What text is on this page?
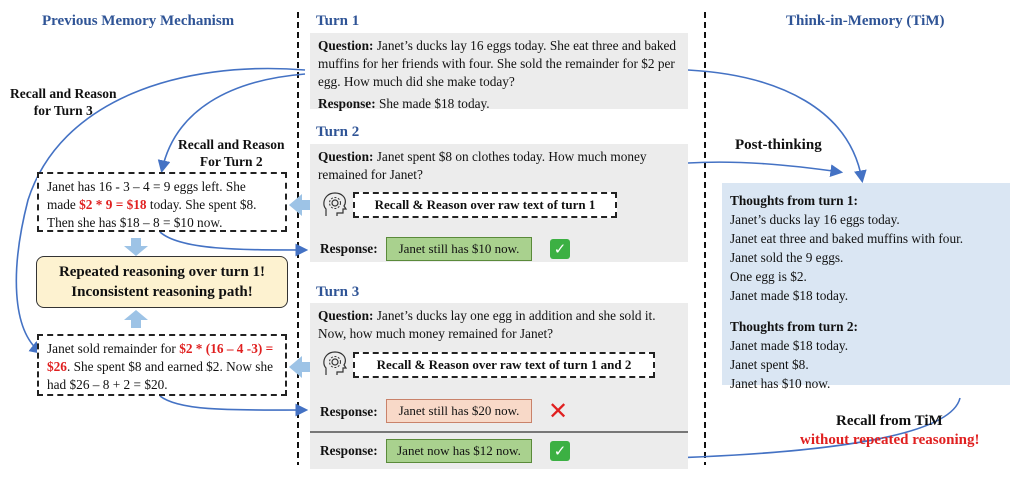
Previous Memory Mechanism	Think-in-Memory (TiM)
Recall and Reason
for Turn 3
Recall and Reason
For Turn 2
Janet has 16 - 3 – 4 = 9 eggs left. She made $2 * 9 = $18 today. She spent $8. Then she has $18 – 8 = $10 now.
Repeated reasoning over turn 1!
Inconsistent reasoning path!
Janet sold remainder for $2 * (16 – 4 -3) = $26. She spent $8 and earned $2. Now she had $26 – 8 + 2 = $20.
Turn 1
Question: Janet’s ducks lay 16 eggs today. She eat three and baked muffins for her friends with four. She sold the remainder for $2 per egg. How much did she make today?
Response: She made $18 today.
Turn 2
Question: Janet spent $8 on clothes today. How much money remained for Janet?
Recall & Reason over raw text of turn 1
Response:	Janet still has $10 now.	✓
Turn 3
Question: Janet’s ducks lay one egg in addition and she sold it. Now, how much money remained for Janet?
Recall & Reason over raw text of turn 1 and 2
Response:	Janet still has $20 now.	✕
Response:	Janet now has $12 now.	✓
Post-thinking
Thoughts from turn 1:
Janet’s ducks lay 16 eggs today.
Janet eat three and baked muffins with four.
Janet sold the 9 eggs.
One egg is $2.
Janet made $18 today.
Thoughts from turn 2:
Janet made $18 today.
Janet spent $8.
Janet has $10 now.
Recall from TiM
without repeated reasoning!
